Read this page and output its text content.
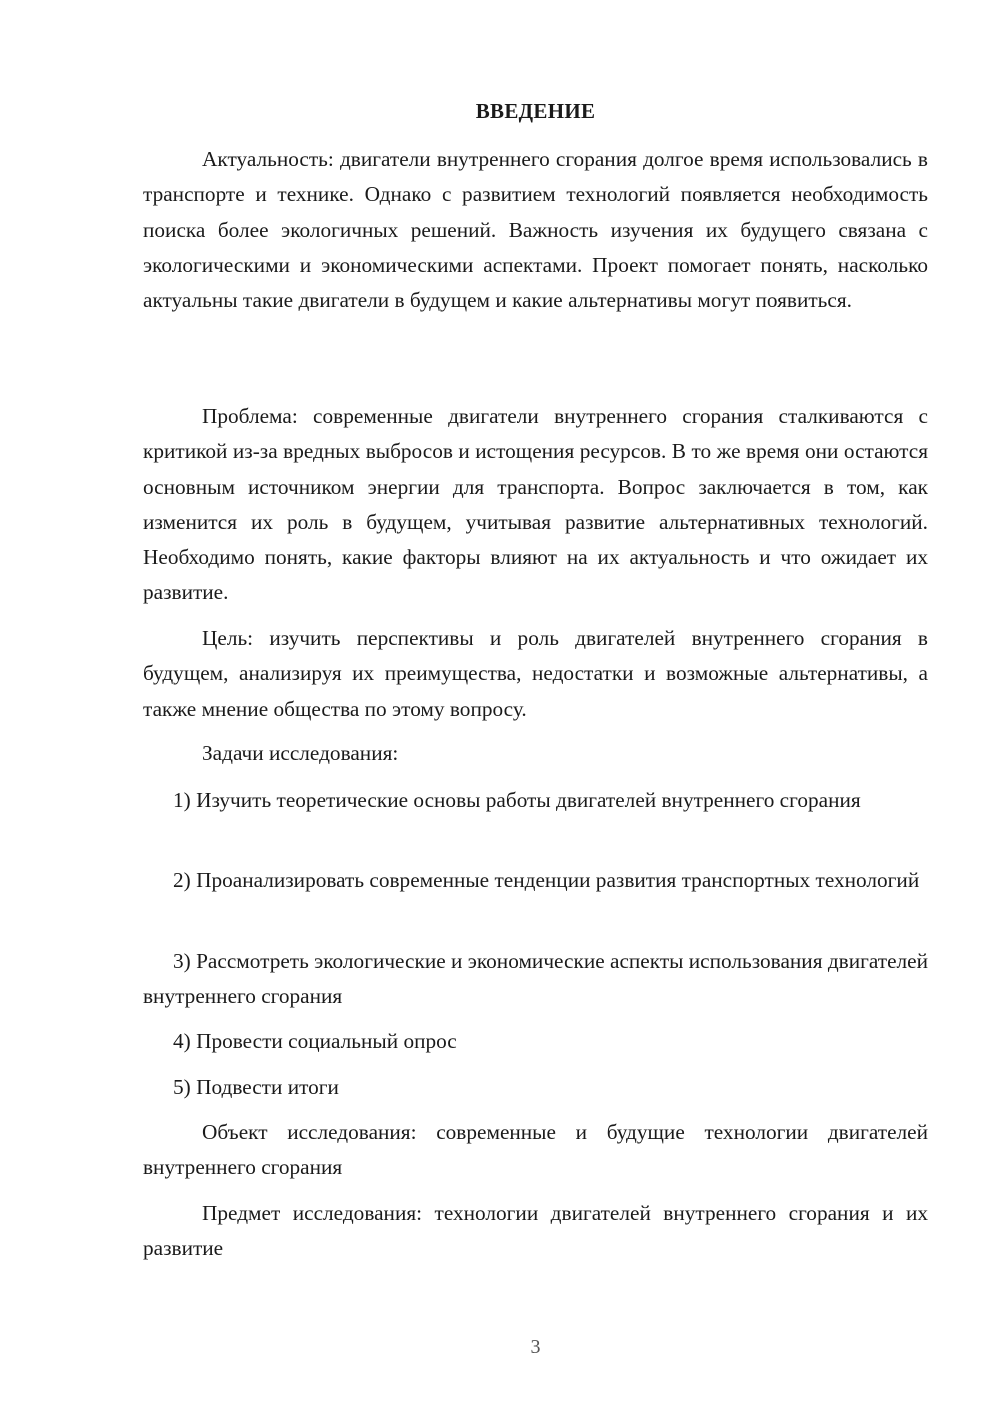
ВВЕДЕНИЕ

Актуальность: двигатели внутреннего сгорания долгое время использовались в транспорте и технике. Однако с развитием технологий появляется необходимость поиска более экологичных решений. Важность изучения их будущего связана с экологическими и экономическими аспектами. Проект помогает понять, насколько актуальны такие двигатели в будущем и какие альтернативы могут появиться.

Проблема: современные двигатели внутреннего сгорания сталкиваются с критикой из-за вредных выбросов и истощения ресурсов. В то же время они остаются основным источником энергии для транспорта. Вопрос заключается в том, как изменится их роль в будущем, учитывая развитие альтернативных технологий. Необходимо понять, какие факторы влияют на их актуальность и что ожидает их развитие.

Цель: изучить перспективы и роль двигателей внутреннего сгорания в будущем, анализируя их преимущества, недостатки и возможные альтернативы, а также мнение общества по этому вопросу.

Задачи исследования:

1) Изучить теоретические основы работы двигателей внутреннего сгорания

2) Проанализировать современные тенденции развития транспортных технологий

3) Рассмотреть экологические и экономические аспекты использования двигателей внутреннего сгорания

4) Провести социальный опрос

5) Подвести итоги

Объект исследования: современные и будущие технологии двигателей внутреннего сгорания

Предмет исследования: технологии двигателей внутреннего сгорания и их развитие

3
